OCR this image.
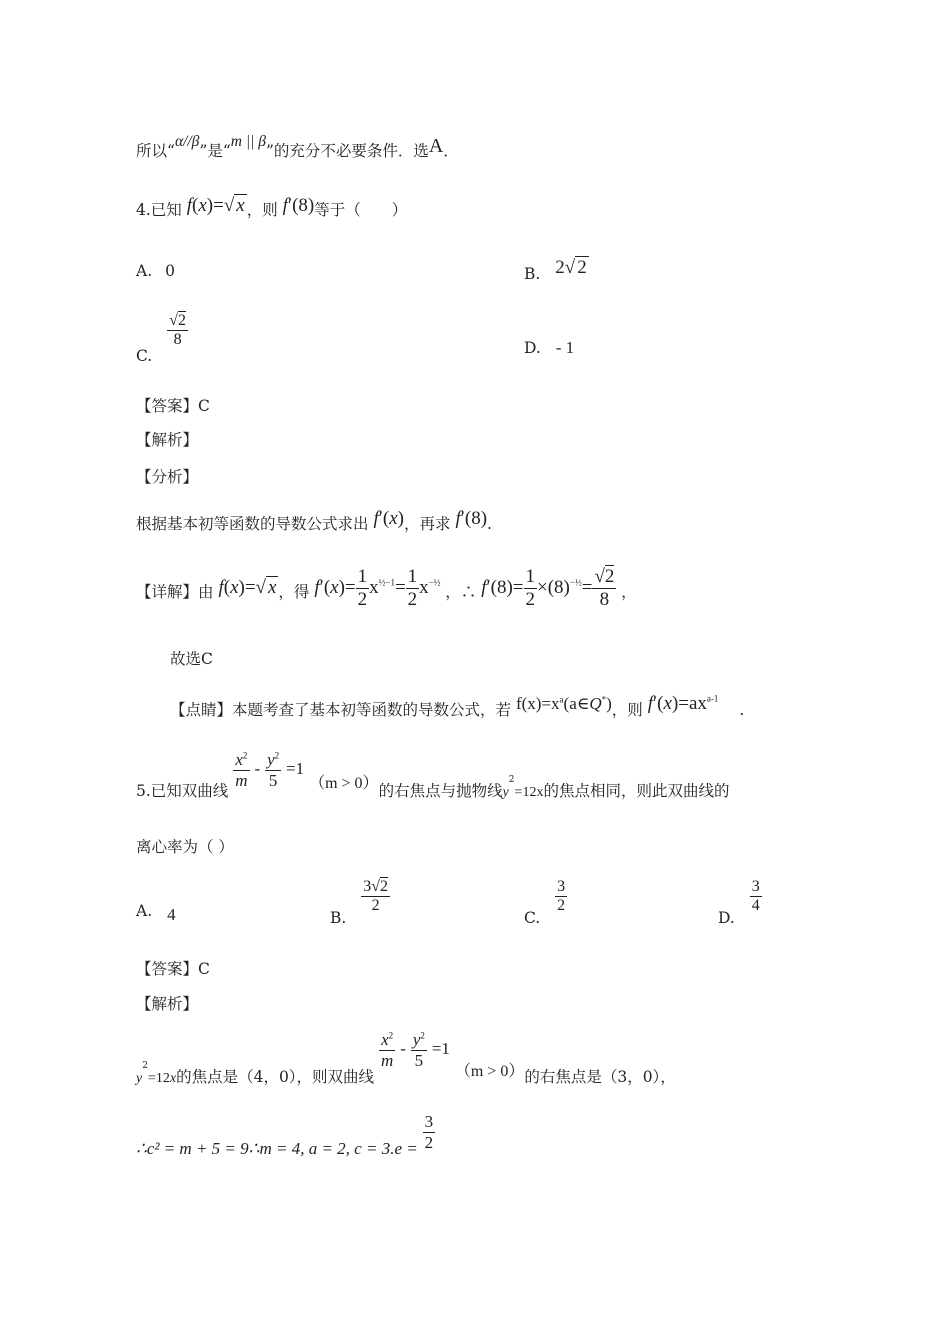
所以“α//β”是“m || β”的充分不必要条件．选A．
4.已知 f(x)=√ x ，则 f′(8)等于（　　）
A. 0	B. 2√ 2
C.
$\frac{√2}{8}$	D. - 1
【答案】C
【解析】
【分析】
根据基本初等函数的导数公式求出 f′(x)，再求 f′(8).
【详解】由 f(x)=√ x ，得 $f'(x)= \frac{1}{2} x^{\frac{1}{2}-1}= \frac{1}{2} x^{-\frac{1}{2}}$ ，∴ $f'(8)= \frac{1}{2} \times(8)^{-\frac{1}{2}}= \frac{√2}{8}$ ，
故选C
【点睛】本题考查了基本初等函数的导数公式，若 $f(x)=x^a(a\in Q^*)$，则 $f'(x)=ax^{a-1}$ .
5.已知双曲线
$\frac{x^2}{m} - \frac{y^2}{5} =1$ （m > 0）的右焦点与抛物线$y^2=12x$的焦点相同，则此双曲线的
离心率为（ ）
A. 4	B.
$\frac{3√2}{2}$
C.
$\frac{3}{2}$
D.
$\frac{3}{4}$
【答案】C
【解析】
$y^2=12x$的焦点是（4，0），则双曲线
$\frac{x^2}{m} - \frac{y^2}{5} =1$ （m > 0）的右焦点是（3，0），
∴c² = m + 5 = 9∴m = 4, a = 2, $c = 3.e = \frac{3}{2}$
